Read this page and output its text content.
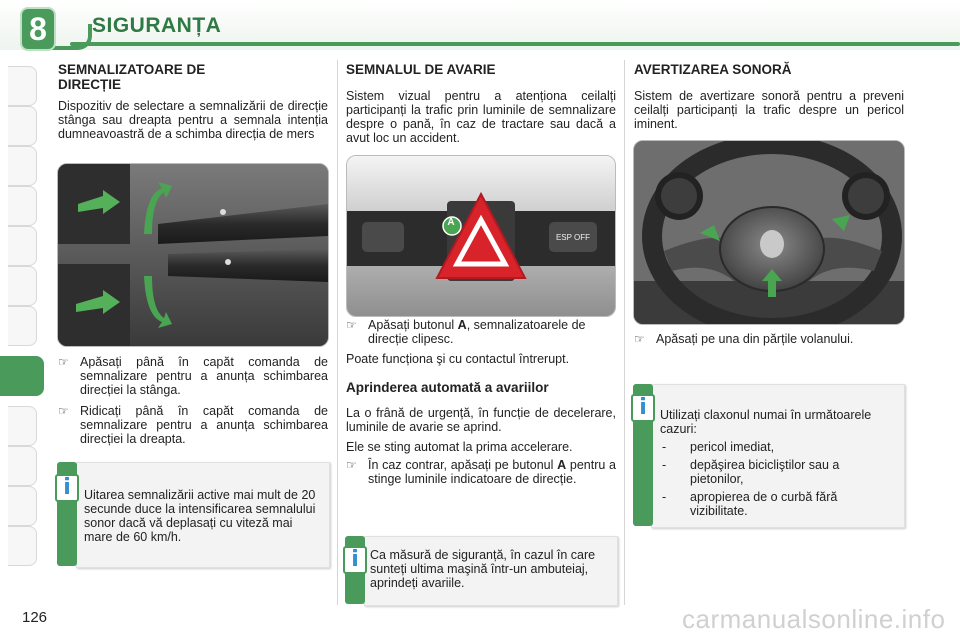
8	SIGURANȚA
SEMNALIZATOARE DE
DIRECȚIE

Dispozitiv de selectare a semnalizării de direcție stânga sau dreapta pentru a semnala intenția dumneavoastră de a schimba direcția de mers

☞ Apăsați până în capăt comanda de semnalizare pentru a anunța schimbarea direcției la stânga.
☞ Ridicați până în capăt comanda de semnalizare pentru a anunța schimbarea direcției la dreapta.
i	Uitarea semnalizării active mai mult de 20 secunde duce la intensificarea semnalului sonor dacă vă deplasați cu viteză mai mare de 60 km/h.

SEMNALUL DE AVARIE

Sistem vizual pentru a atenționa ceilalți participanți la trafic prin luminile de semnalizare despre o pană, în caz de tractare sau dacă a avut loc un accident.

A
ESP OFF
☞ Apăsați butonul A, semnalizatoarele de direcție clipesc.

Poate funcționa şi cu contactul întrerupt.

Aprinderea automată a avariilor

La o frână de urgență, în funcție de decelerare, luminile de avarie se aprind.

Ele se sting automat la prima accelerare.

☞ În caz contrar, apăsați pe butonul A pentru a stinge luminile indicatoare de direcție.
i Ca măsură de siguranță, în cazul în care sunteți ultima maşină într-un ambuteiaj, aprindeți avariile.

AVERTIZAREA SONORĂ

Sistem de avertizare sonoră pentru a preveni ceilalți participanți la trafic despre un pericol iminent.

☞ Apăsați pe una din părțile volanului.
i	Utilizați claxonul numai în următoarele cazuri:

- pericol imediat,
- depăşirea bicicliştilor sau a pietonilor,
- apropierea de o curbă fără vizibilitate.
126	carmanualsonline.info
